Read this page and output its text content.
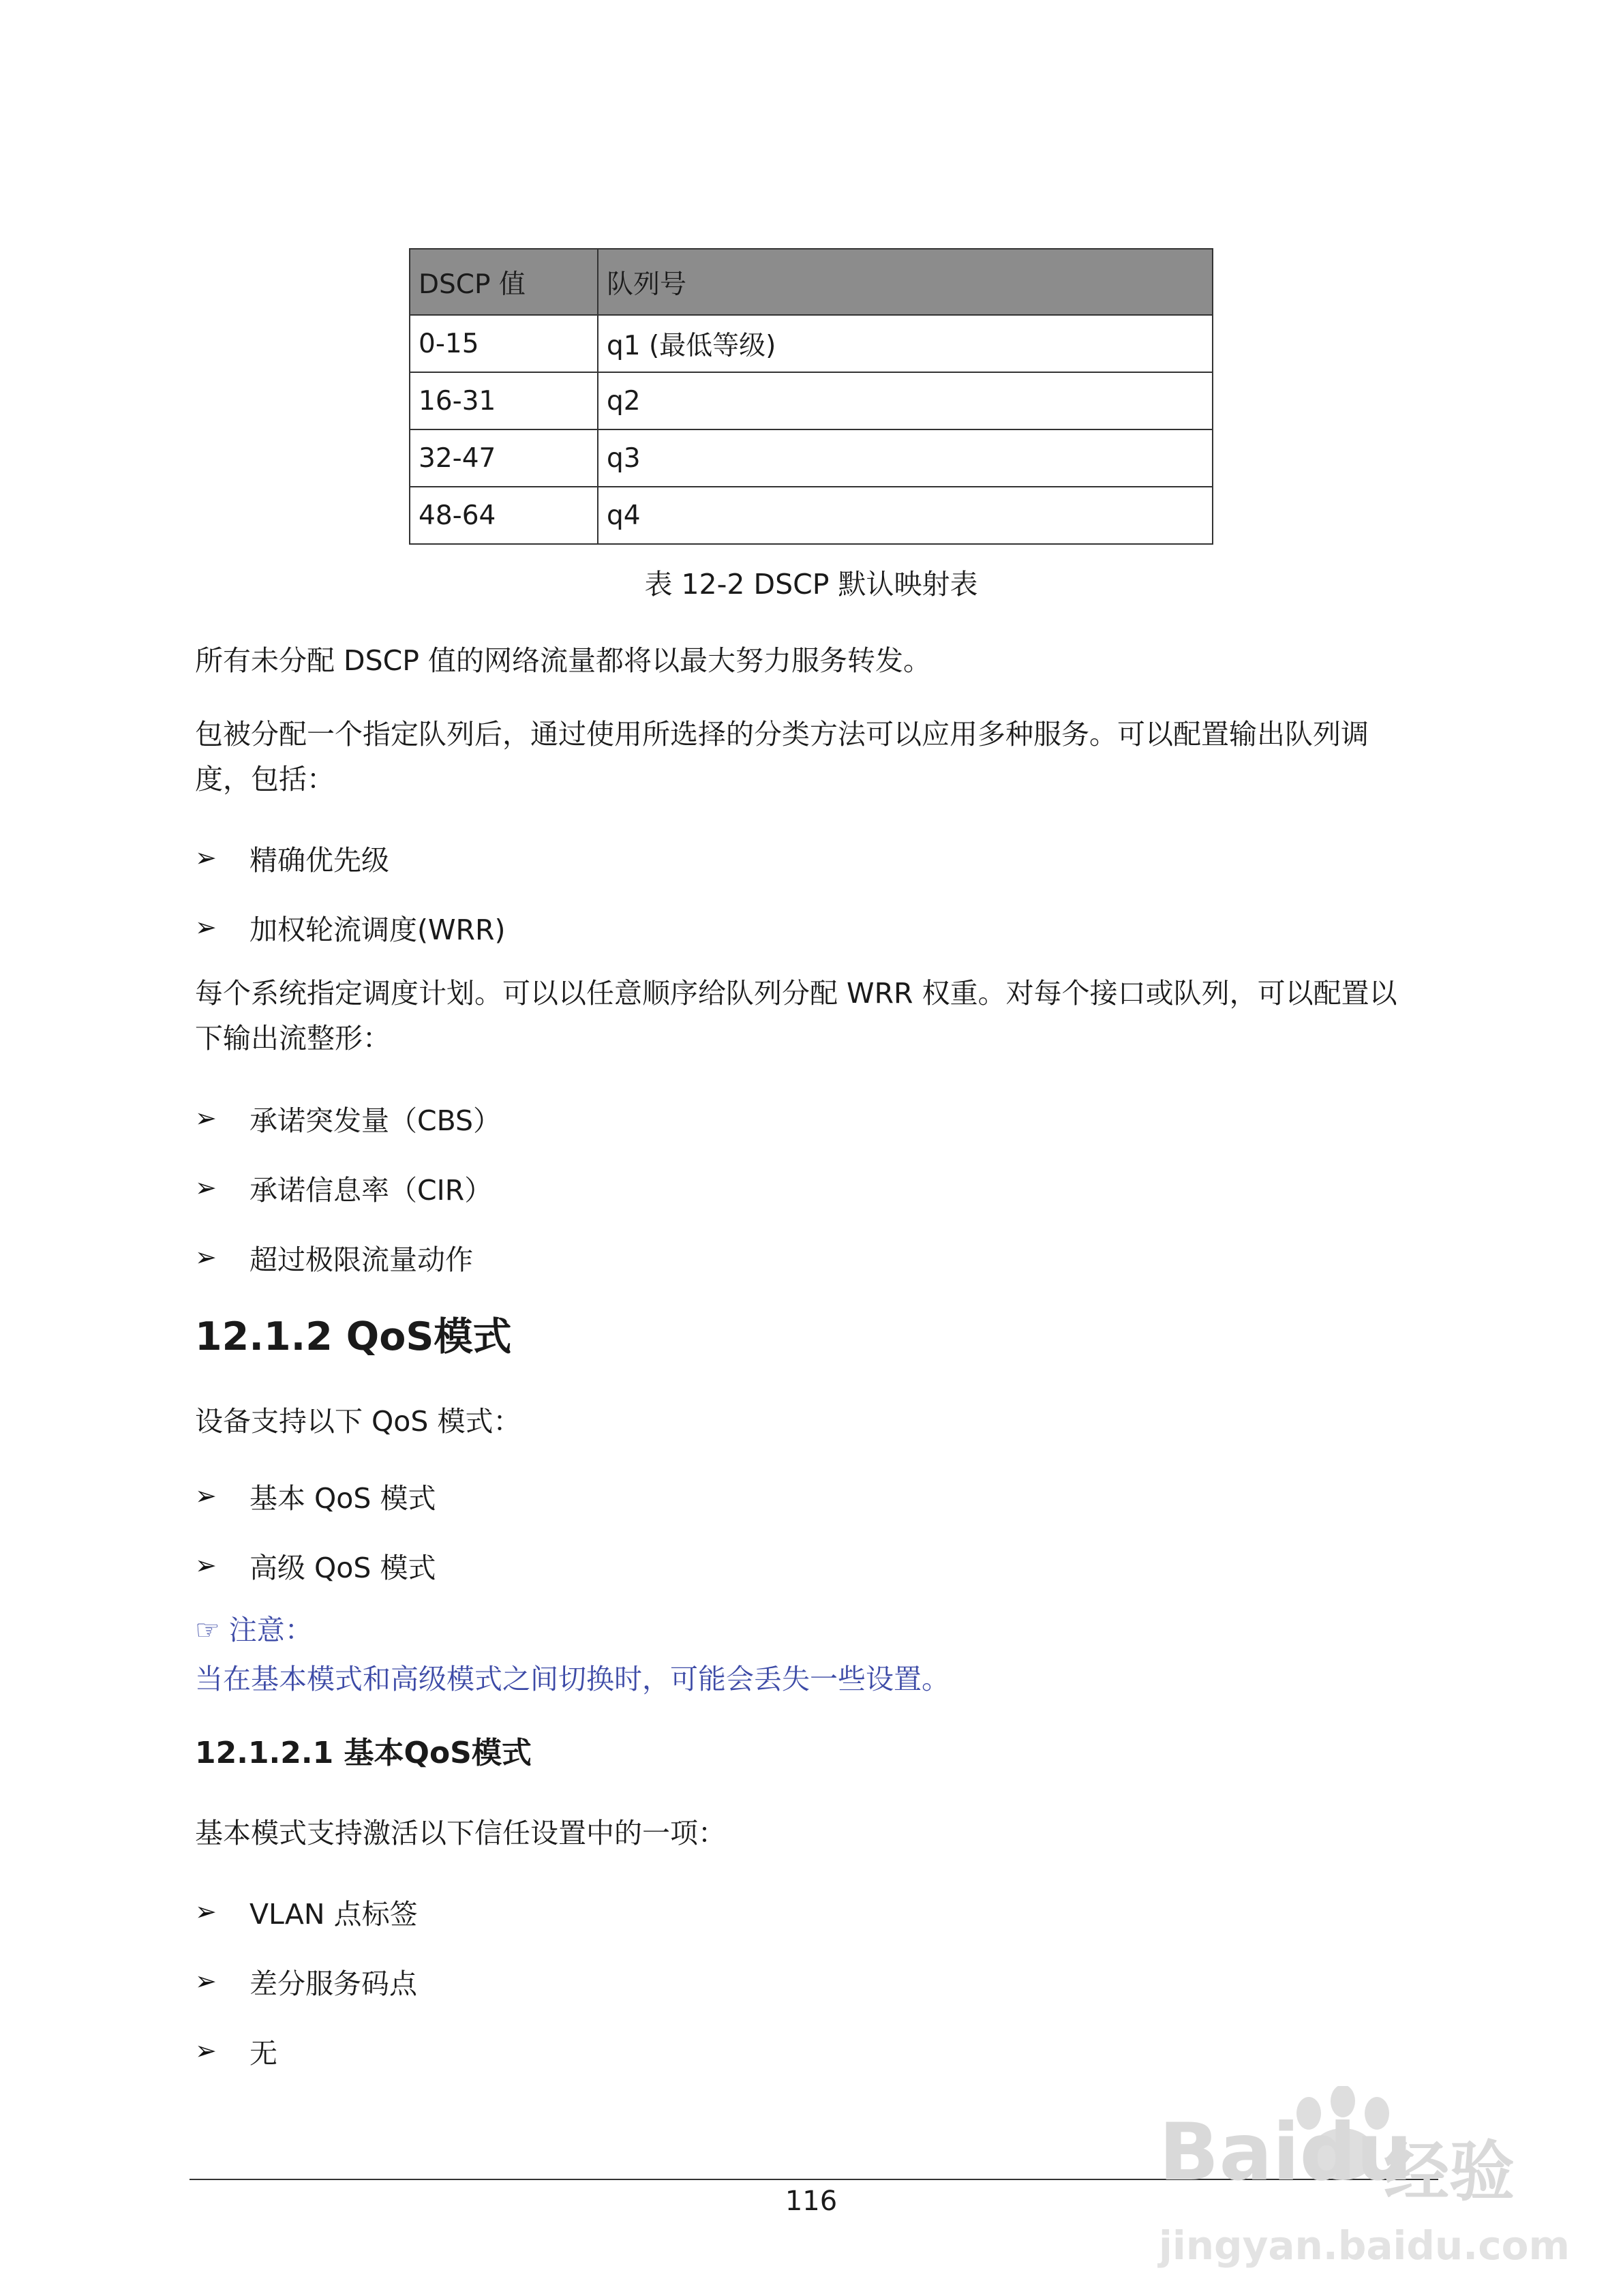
DSCP 值	队列号
0-15	q1 (最低等级)
16-31	q2
32-47	q3
48-64	q4
表 12-2 DSCP 默认映射表
所有未分配 DSCP 值的网络流量都将以最大努力服务转发。
包被分配一个指定队列后，通过使用所选择的分类方法可以应用多种服务。可以配置输出队列调
度，包括：
➢	精确优先级
➢	加权轮流调度(WRR)
每个系统指定调度计划。可以以任意顺序给队列分配 WRR 权重。对每个接口或队列，可以配置以
下输出流整形：
➢	承诺突发量（CBS）
➢	承诺信息率（CIR）
➢	超过极限流量动作
12.1.2 QoS模式
设备支持以下 QoS 模式：
➢	基本 QoS 模式
➢	高级 QoS 模式
☞ 注意：
当在基本模式和高级模式之间切换时，可能会丢失一些设置。
12.1.2.1 基本QoS模式
基本模式支持激活以下信任设置中的一项：
➢	VLAN 点标签
➢	差分服务码点
➢	无
116
Baidu
经验
jingyan.baidu.com
